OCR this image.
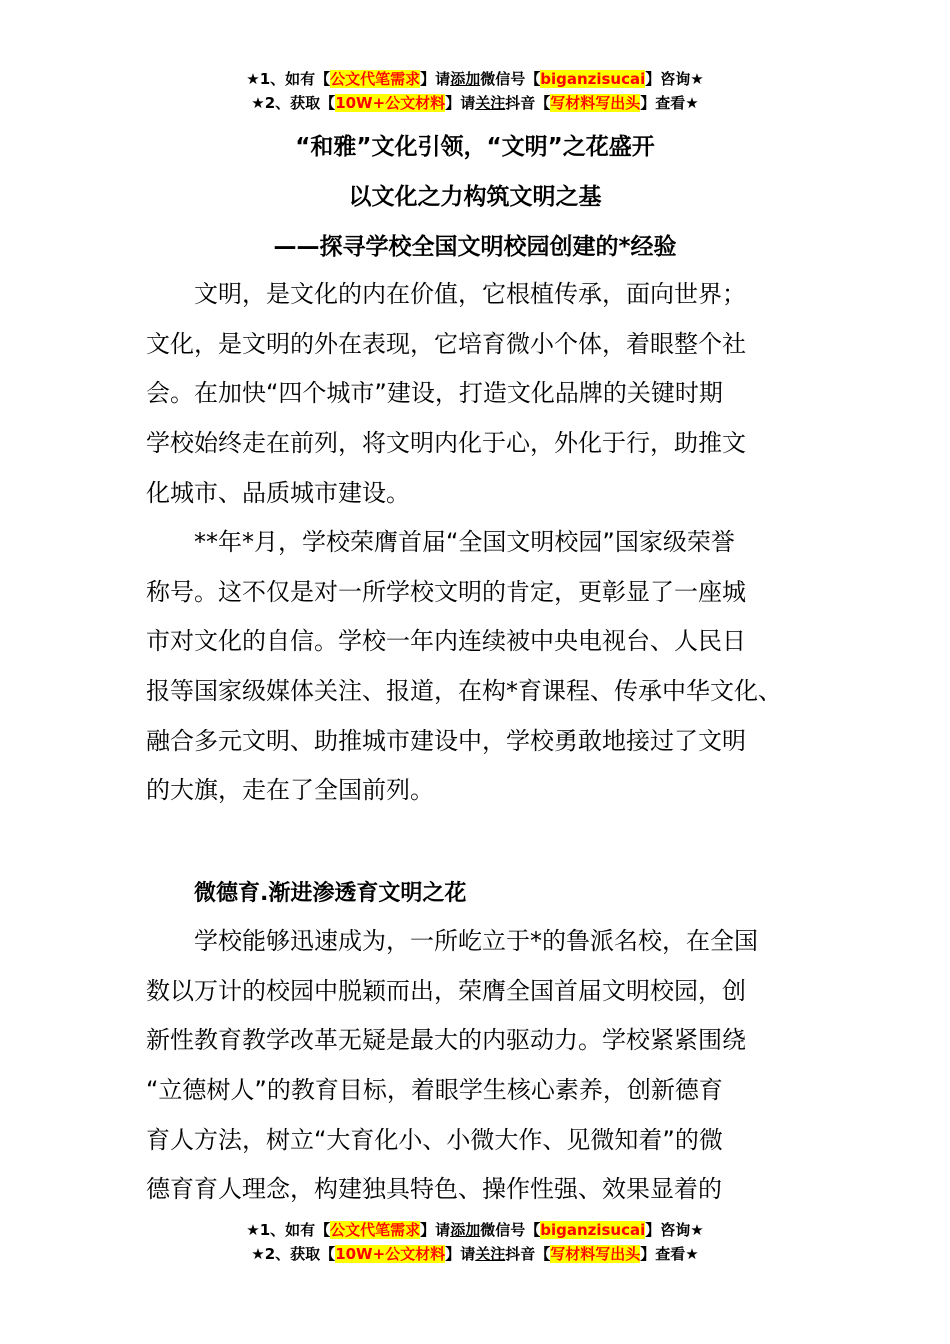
★1、如有【公文代笔需求】请添加微信号【biganzisucai】咨询★
★2、获取【10W+公文材料】请关注抖音【写材料写出头】查看★
“和雅”文化引领，“文明”之花盛开
以文化之力构筑文明之基
——探寻学校全国文明校园创建的*经验
文明，是文化的内在价值，它根植传承，面向世界；
文化，是文明的外在表现，它培育微小个体，着眼整个社
会。在加快“四个城市”建设，打造文化品牌的关键时期
学校始终走在前列，将文明内化于心，外化于行，助推文
化城市、品质城市建设。
**年*月，学校荣膺首届“全国文明校园”国家级荣誉
称号。这不仅是对一所学校文明的肯定，更彰显了一座城
市对文化的自信。学校一年内连续被中央电视台、人民日
报等国家级媒体关注、报道，在构*育课程、传承中华文化、
融合多元文明、助推城市建设中，学校勇敢地接过了文明
的大旗，走在了全国前列。
微德育.渐进渗透育文明之花
学校能够迅速成为，一所屹立于*的鲁派名校，在全国
数以万计的校园中脱颖而出，荣膺全国首届文明校园，创
新性教育教学改革无疑是最大的内驱动力。学校紧紧围绕
“立德树人”的教育目标，着眼学生核心素养，创新德育
育人方法，树立“大育化小、小微大作、见微知着”的微
德育育人理念，构建独具特色、操作性强、效果显着的
★1、如有【公文代笔需求】请添加微信号【biganzisucai】咨询★
★2、获取【10W+公文材料】请关注抖音【写材料写出头】查看★
